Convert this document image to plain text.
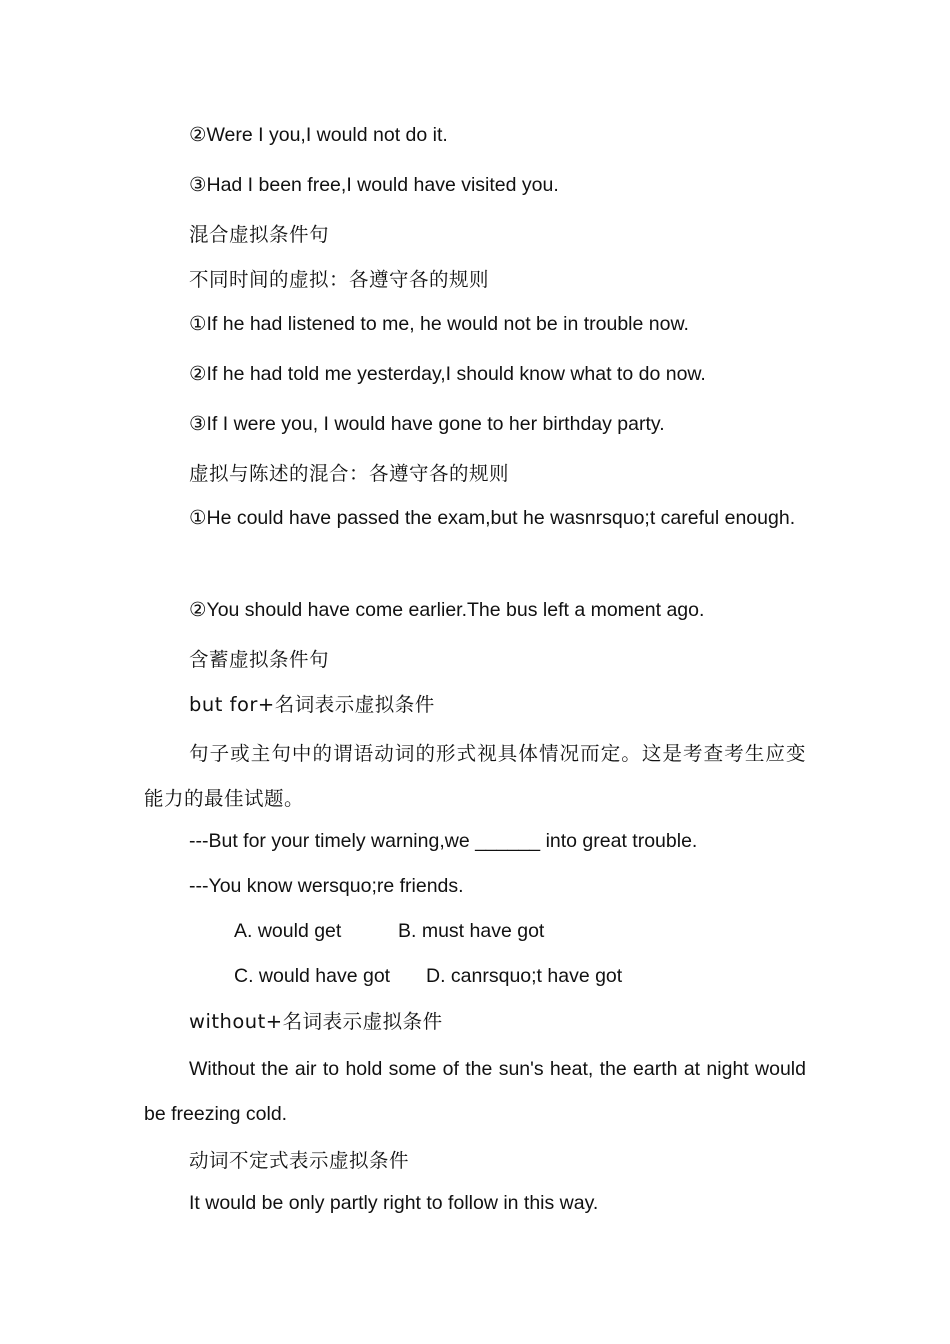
②Were I you,I would not do it.

③Had I been free,I would have visited you.

混合虚拟条件句

不同时间的虚拟：各遵守各的规则

①If he had listened to me, he would not be in trouble now.

②If he had told me yesterday,I should know what to do now.

③If I were you, I would have gone to her birthday party.

虚拟与陈述的混合：各遵守各的规则

①He could have passed the exam,but he wasnrsquo;t careful enough.

②You should have come earlier.The bus left a moment ago.

含蓄虚拟条件句

but for+名词表示虚拟条件

句子或主句中的谓语动词的形式视具体情况而定。这是考查考生应变能力的最佳试题。

---But for your timely warning,we ______ into great trouble.

---You know wersquo;re friends.

A. would get	B. must have got
C. would have got D. canrsquo;t have got

without+名词表示虚拟条件

Without the air to hold some of the sun's heat, the earth at night would be freezing cold.

动词不定式表示虚拟条件

It would be only partly right to follow in this way.
